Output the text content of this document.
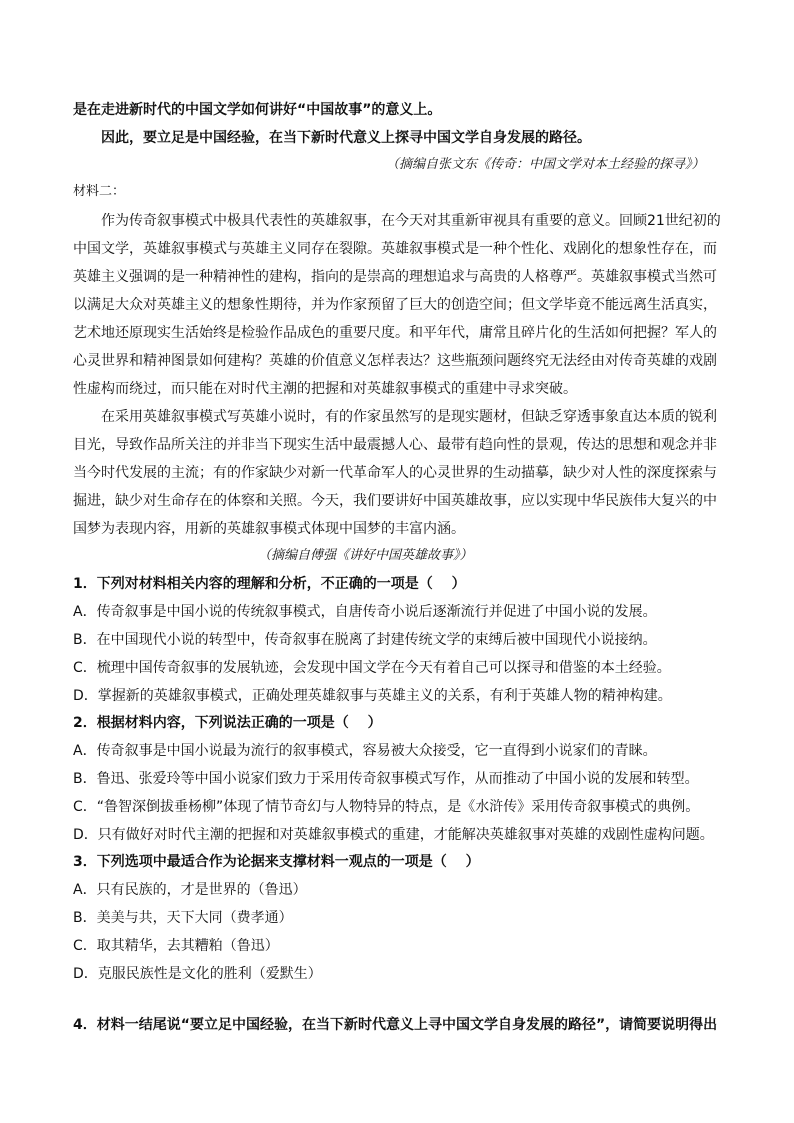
是在走进新时代的中国文学如何讲好“中国故事”的意义上。
因此，要立足是中国经验，在当下新时代意义上探寻中国文学自身发展的路径。
（摘编自张文东《传奇：中国文学对本土经验的探寻》）
材料二：
作为传奇叙事模式中极具代表性的英雄叙事，在今天对其重新审视具有重要的意义。回顾21世纪初的
中国文学，英雄叙事模式与英雄主义同存在裂隙。英雄叙事模式是一种个性化、戏剧化的想象性存在，而
英雄主义强调的是一种精神性的建构，指向的是崇高的理想追求与高贵的人格尊严。英雄叙事模式当然可
以满足大众对英雄主义的想象性期待，并为作家预留了巨大的创造空间；但文学毕竟不能远离生活真实，
艺术地还原现实生活始终是检验作品成色的重要尺度。和平年代，庸常且碎片化的生活如何把握？军人的
心灵世界和精神图景如何建构？英雄的价值意义怎样表达？这些瓶颈问题终究无法经由对传奇英雄的戏剧
性虚构而绕过，而只能在对时代主潮的把握和对英雄叙事模式的重建中寻求突破。
在采用英雄叙事模式写英雄小说时，有的作家虽然写的是现实题材，但缺乏穿透事象直达本质的锐利
目光，导致作品所关注的并非当下现实生活中最震撼人心、最带有趋向性的景观，传达的思想和观念并非
当今时代发展的主流；有的作家缺少对新一代革命军人的心灵世界的生动描摹，缺少对人性的深度探索与
掘进，缺少对生命存在的体察和关照。今天，我们要讲好中国英雄故事，应以实现中华民族伟大复兴的中
国梦为表现内容，用新的英雄叙事模式体现中国梦的丰富内涵。
（摘编自傅强《讲好中国英雄故事》）
1．下列对材料相关内容的理解和分析，不正确的一项是（　 ）
A．传奇叙事是中国小说的传统叙事模式，自唐传奇小说后逐渐流行并促进了中国小说的发展。
B．在中国现代小说的转型中，传奇叙事在脱离了封建传统文学的束缚后被中国现代小说接纳。
C．梳理中国传奇叙事的发展轨迹，会发现中国文学在今天有着自己可以探寻和借鉴的本土经验。
D．掌握新的英雄叙事模式，正确处理英雄叙事与英雄主义的关系，有利于英雄人物的精神构建。
2．根据材料内容，下列说法正确的一项是（　 ）
A．传奇叙事是中国小说最为流行的叙事模式，容易被大众接受，它一直得到小说家们的青睐。
B．鲁迅、张爱玲等中国小说家们致力于采用传奇叙事模式写作，从而推动了中国小说的发展和转型。
C．“鲁智深倒拔垂杨柳”体现了情节奇幻与人物特异的特点，是《水浒传》采用传奇叙事模式的典例。
D．只有做好对时代主潮的把握和对英雄叙事模式的重建，才能解决英雄叙事对英雄的戏剧性虚构问题。
3．下列选项中最适合作为论据来支撑材料一观点的一项是（　 ）
A．只有民族的，才是世界的（鲁迅）
B．美美与共，天下大同（费孝通）
C．取其精华，去其糟粕（鲁迅）
D．克服民族性是文化的胜利（爱默生）
4．材料一结尾说“要立足中国经验，在当下新时代意义上寻中国文学自身发展的路径”，请简要说明得出
